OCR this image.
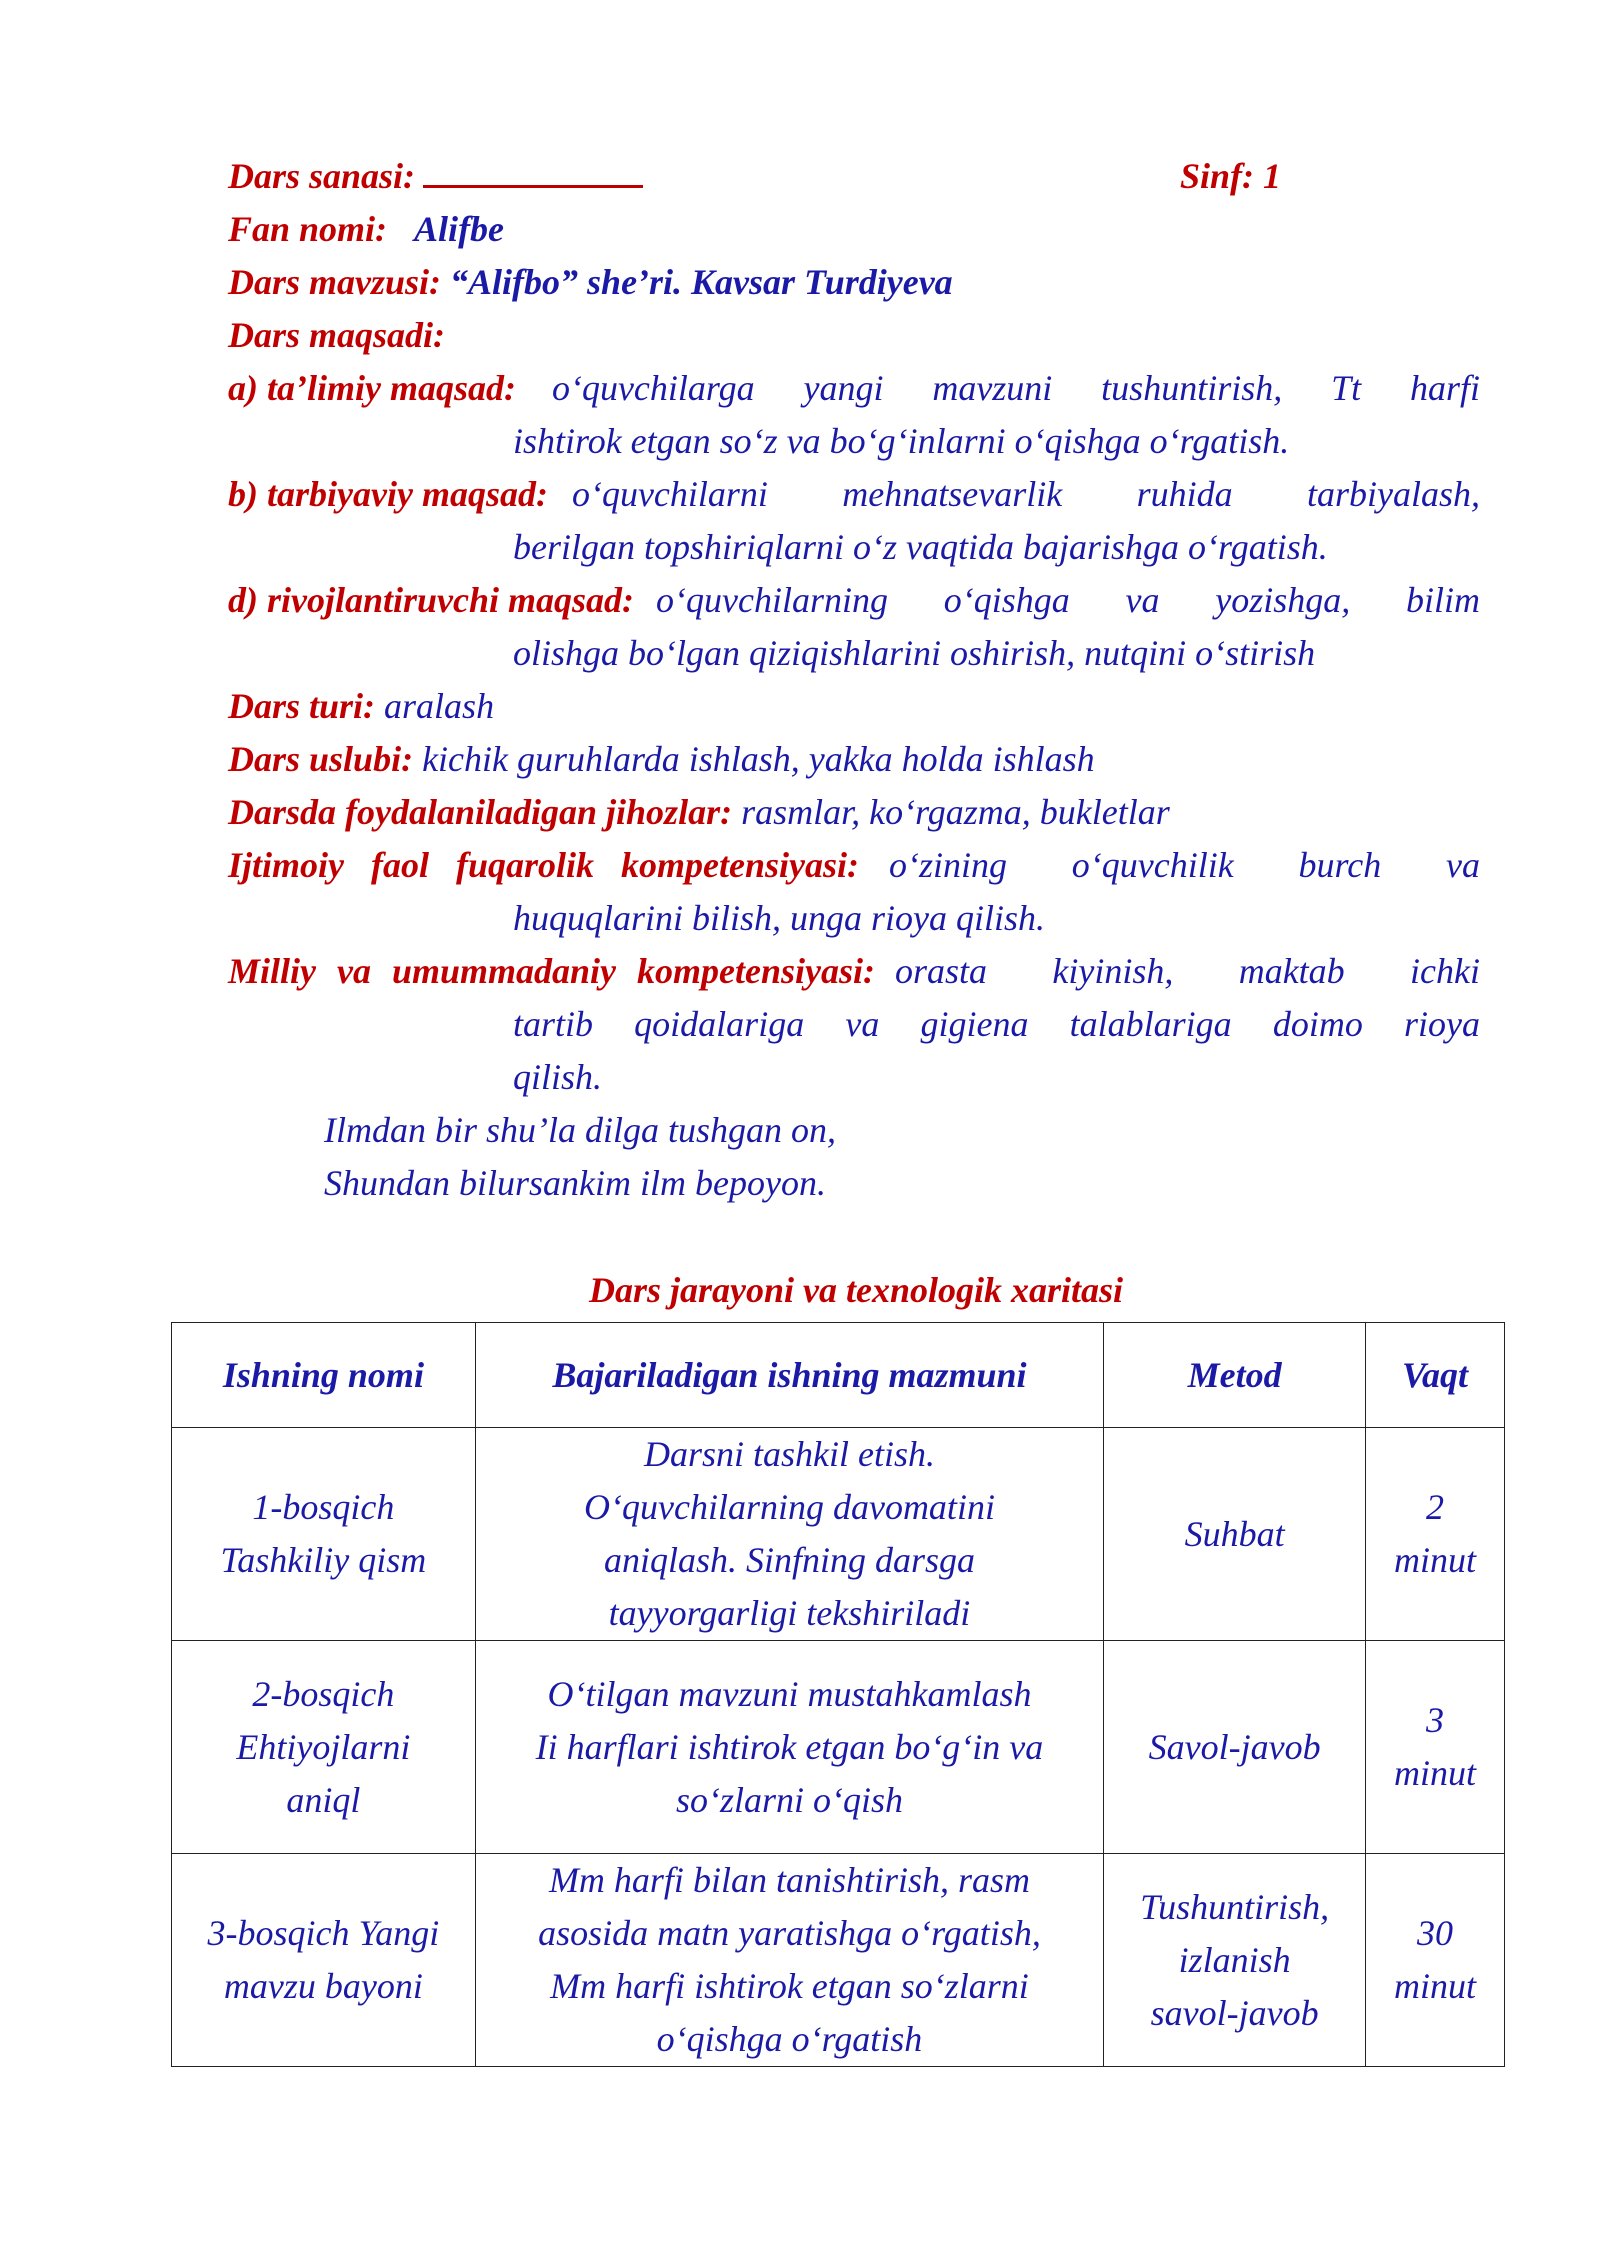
Dars sanasi:	Sinf: 1
Fan nomi: Alifbe
Dars mavzusi: “Alifbo” she’ri. Kavsar Turdiyeva
Dars maqsadi:
a) ta’limiy maqsad: o‘quvchilarga yangi mavzuni tushuntirish, Tt harfi
ishtirok etgan so‘z va bo‘g‘inlarni o‘qishga o‘rgatish.
b) tarbiyaviy maqsad: o‘quvchilarni mehnatsevarlik ruhida tarbiyalash,
berilgan topshiriqlarni o‘z vaqtida bajarishga o‘rgatish.
d) rivojlantiruvchi maqsad: o‘quvchilarning o‘qishga va yozishga, bilim
olishga bo‘lgan qiziqishlarini oshirish, nutqini o‘stirish
Dars turi: aralash
Dars uslubi: kichik guruhlarda ishlash, yakka holda ishlash
Darsda foydalaniladigan jihozlar: rasmlar, ko‘rgazma, bukletlar
Ijtimoiy faol fuqarolik kompetensiyasi: o‘zining o‘quvchilik burch va
huquqlarini bilish, unga rioya qilish.
Milliy va umummadaniy kompetensiyasi: orasta kiyinish, maktab ichki
tartib qoidalariga va gigiena talablariga doimo rioya
qilish.
Ilmdan bir shu’la dilga tushgan on,
Shundan bilursankim ilm bepoyon.
Dars jarayoni va texnologik xaritasi
Ishning nomi	Bajariladigan ishning mazmuni	Metod	Vaqt

1-bosqich
Tashkiliy qism	Darsni tashkil etish.
O‘quvchilarning davomatini
aniqlash. Sinfning darsga
tayyorgarligi tekshiriladi	Suhbat	2
minut

2-bosqich
Ehtiyojlarni
aniql	O‘tilgan mavzuni mustahkamlash
Ii harflari ishtirok etgan bo‘g‘in va
so‘zlarni o‘qish	Savol-javob	3
minut

3-bosqich Yangi
mavzu bayoni	Mm harfi bilan tanishtirish, rasm
asosida matn yaratishga o‘rgatish,
Mm harfi ishtirok etgan so‘zlarni
o‘qishga o‘rgatish	Tushuntirish,
izlanish
savol-javob	30
minut
